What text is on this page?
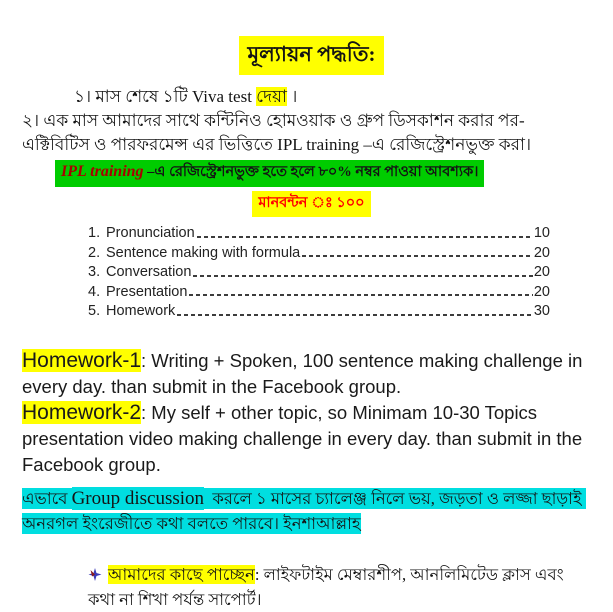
মূল্যায়ন পদ্ধতি:
১। মাস শেষে ১টি Viva test দেয়া ।
২। এক মাস আমাদের সাথে কন্টিনিও হোমওয়াক ও গ্রুপ ডিসকাশন করার পর-
এক্টিবিটিস ও পারফরমেন্স এর ভিত্তিতে IPL training –এ রেজিস্ট্রেশনভুক্ত করা।
IPL training –এ রেজিস্ট্রেশনভুক্ত হতে হলে ৮০% নম্বর পাওয়া আবশ্যক।
মানবন্টন ঃ ১০০
1. Pronunciation	10
2. Sentence making with formula	20
3. Conversation	20
4. Presentation	20
5. Homework	30
Homework-1: Writing + Spoken, 100 sentence making challenge in every day. than submit in the Facebook group.
Homework-2: My self + other topic, so Minimam 10-30 Topics presentation video making challenge in every day. than submit in the Facebook group.
এভাবে Group discussion  করলে ১ মাসের চ্যালেঞ্জ নিলে ভয়, জড়তা ও লজ্জা ছাড়াই অনরগল ইংরেজীতে কথা বলতে পারবে। ইনশাআল্লাহ
আমাদের কাছে পাচ্ছেন: লাইফটাইম মেম্বারশীপ, আনলিমিটেড ক্লাস এবং কথা না শিখা পর্যন্ত সাপোর্ট।
